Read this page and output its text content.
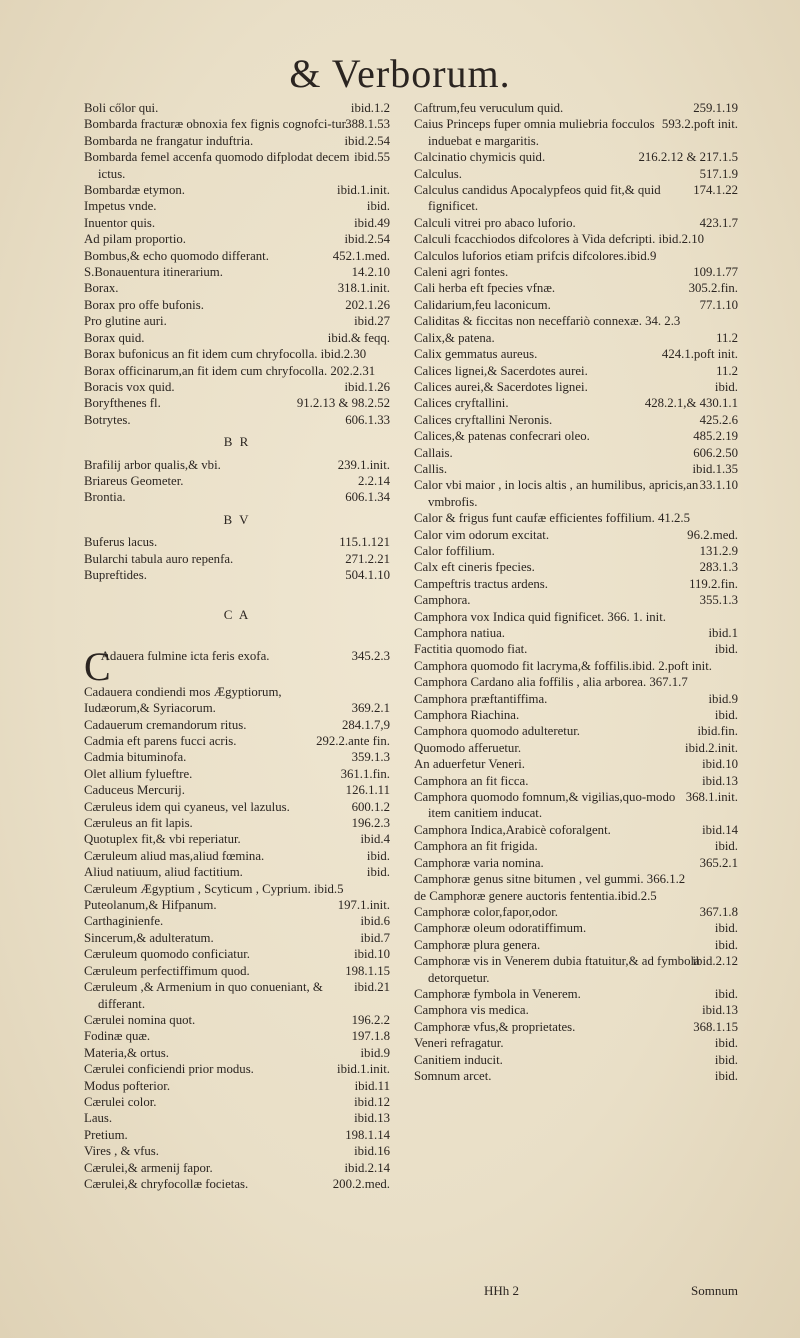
& Verborum.
ibid.1.2
Boli cőlor qui.
388.1.53
Bombarda fracturæ obnoxia fex fignis cognofci-tur.
ibid.2.54
Bombarda ne frangatur induftria.
ibid.55
Bombarda femel accenfa quomodo difplodat decem ictus.
ibid.1.init.
Bombardæ etymon.
ibid.
Impetus vnde.
ibid.49
Inuentor quis.
ibid.2.54
Ad pilam proportio.
452.1.med.
Bombus,& echo quomodo differant.
14.2.10
S.Bonauentura itinerarium.
318.1.init.
Borax.
202.1.26
Borax pro offe bufonis.
ibid.27
Pro glutine auri.
ibid.& feqq.
Borax quid.
Borax bufonicus an fit idem cum chryfocolla. ibid.2.30
Borax officinarum,an fit idem cum chryfocolla. 202.2.31
ibid.1.26
Boracis vox quid.
91.2.13 & 98.2.52
Boryfthenes fl.
606.1.33
Botrytes.
B R
239.1.init.
Brafilij arbor qualis,& vbi.
2.2.14
Briareus Geometer.
606.1.34
Brontia.
B V
115.1.121
Buferus lacus.
271.2.21
Bularchi tabula auro repenfa.
504.1.10
Bupreftides.
C A
C	345.2.3
Adauera fulmine icta feris exofa.
Cadauera condiendi mos Ægyptiorum,
369.2.1
Iudæorum,& Syriacorum.
284.1.7,9
Cadauerum cremandorum ritus.
292.2.ante fin.
Cadmia eft parens fucci acris.
359.1.3
Cadmia bituminofa.
361.1.fin.
Olet allium fylueftre.
126.1.11
Caduceus Mercurij.
600.1.2
Cæruleus idem qui cyaneus, vel lazulus.
196.2.3
Cæruleus an fit lapis.
ibid.4
Quotuplex fit,& vbi reperiatur.
ibid.
Cæruleum aliud mas,aliud fœmina.
ibid.
Aliud natiuum, aliud factitium.
Cæruleum Ægyptium , Scyticum , Cyprium. ibid.5
197.1.init.
Puteolanum,& Hifpanum.
ibid.6
Carthaginienfe.
ibid.7
Sincerum,& adulteratum.
ibid.10
Cæruleum quomodo conficiatur.
198.1.15
Cæruleum perfectiffimum quod.
ibid.21
Cæruleum ,& Armenium in quo conueniant, & differant.
196.2.2
Cærulei nomina quot.
197.1.8
Fodinæ quæ.
ibid.9
Materia,& ortus.
ibid.1.init.
Cærulei conficiendi prior modus.
ibid.11
Modus pofterior.
ibid.12
Cærulei color.
ibid.13
Laus.
198.1.14
Pretium.
ibid.16
Vires , & vfus.
ibid.2.14
Cærulei,& armenij fapor.
200.2.med.
Cærulei,& chryfocollæ focietas.
259.1.19
Caftrum,feu veruculum quid.
593.2.poft init.
Caius Princeps fuper omnia muliebria focculos induebat e margaritis.
216.2.12 & 217.1.5
Calcinatio chymicis quid.
517.1.9
Calculus.
174.1.22
Calculus candidus Apocalypfeos quid fit,& quid fignificet.
423.1.7
Calculi vitrei pro abaco luforio.
Calculi fcacchiodos difcolores à Vida defcripti. ibid.2.10
Calculos luforios etiam prifcis difcolores.ibid.9
109.1.77
Caleni agri fontes.
305.2.fin.
Cali herba eft fpecies vfnæ.
77.1.10
Calidarium,feu laconicum.
Caliditas & ficcitas non neceffariò connexæ. 34. 2.3
11.2
Calix,& patena.
424.1.poft init.
Calix gemmatus aureus.
11.2
Calices lignei,& Sacerdotes aurei.
ibid.
Calices aurei,& Sacerdotes lignei.
428.2.1,& 430.1.1
Calices cryftallini.
425.2.6
Calices cryftallini Neronis.
485.2.19
Calices,& patenas confecrari oleo.
606.2.50
Callais.
ibid.1.35
Callis.
33.1.10
Calor vbi maior , in locis altis , an humilibus, apricis,an vmbrofis.
Calor & frigus funt caufæ efficientes foffilium. 41.2.5
96.2.med.
Calor vim odorum excitat.
131.2.9
Calor foffilium.
283.1.3
Calx eft cineris fpecies.
119.2.fin.
Campeftris tractus ardens.
355.1.3
Camphora.
Camphora vox Indica quid fignificet. 366. 1. init.
ibid.1
Camphora natiua.
ibid.
Factitia quomodo fiat.
Camphora quomodo fit lacryma,& foffilis.ibid. 2.poft init.
Camphora Cardano alia foffilis , alia arborea. 367.1.7
ibid.9
Camphora præftantiffima.
ibid.
Camphora Riachina.
ibid.fin.
Camphora quomodo adulteretur.
ibid.2.init.
Quomodo afferuetur.
ibid.10
An aduerfetur Veneri.
ibid.13
Camphora an fit ficca.
368.1.init.
Camphora quomodo fomnum,& vigilias,quo-modo item canitiem inducat.
ibid.14
Camphora Indica,Arabicè coforalgent.
ibid.
Camphora an fit frigida.
365.2.1
Camphoræ varia nomina.
Camphoræ genus sitne bitumen , vel gummi. 366.1.2
de Camphoræ genere auctoris fententia.ibid.2.5
367.1.8
Camphoræ color,fapor,odor.
ibid.
Camphoræ oleum odoratiffimum.
ibid.
Camphoræ plura genera.
ibid.2.12
Camphoræ vis in Venerem dubia ftatuitur,& ad fymbola detorquetur.
ibid.
Camphoræ fymbola in Venerem.
ibid.13
Camphora vis medica.
368.1.15
Camphoræ vfus,& proprietates.
ibid.
Veneri refragatur.
ibid.
Canitiem inducit.
ibid.
Somnum arcet.
HHh 2	Somnum
